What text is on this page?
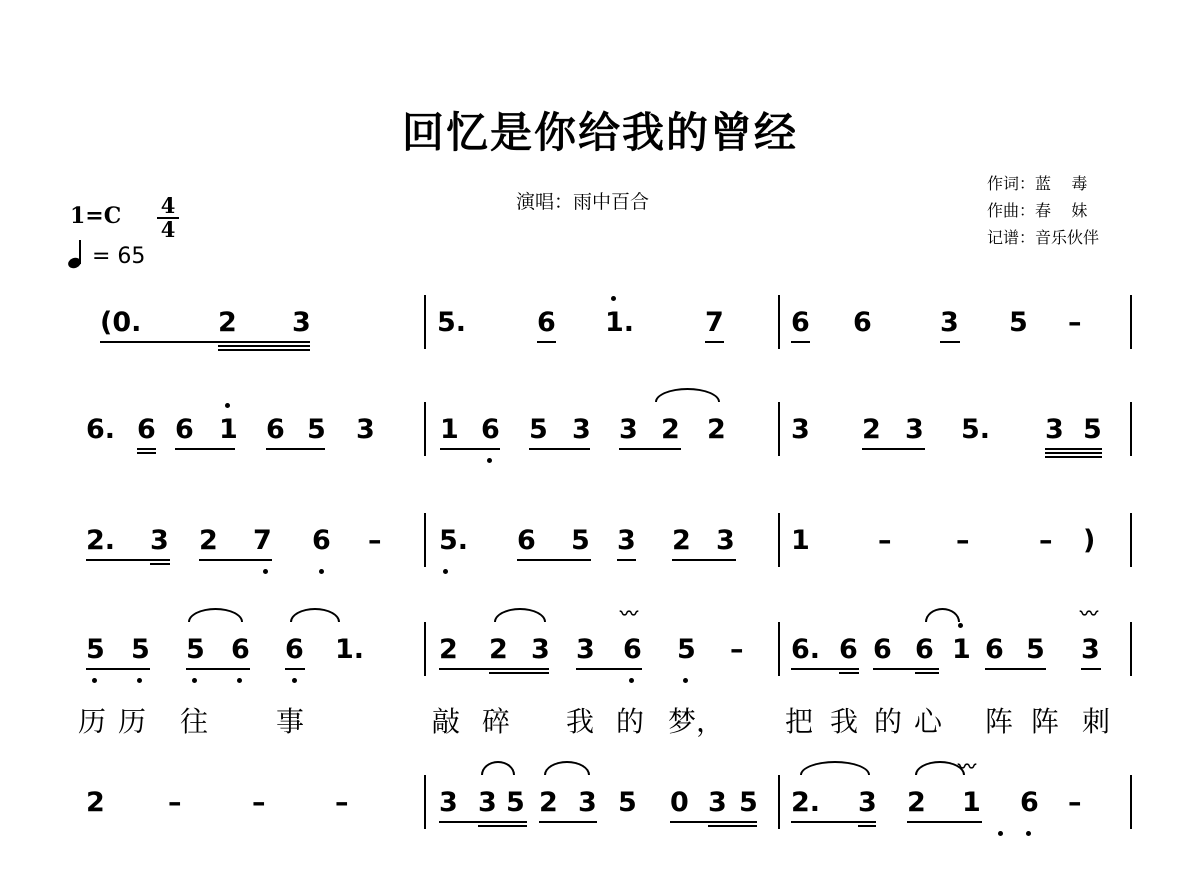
回忆是你给我的曾经
演唱：雨中百合
作词：蓝    毒
作曲：春    妹
记谱：音乐伙伴
1=C 4
4
= 65
(0.	2 3	5.	6 1.	7 6 6	3 5 –
6. 6 6 1 6 5 3 1 6 5 3 3 2 2 3 2 3 5. 3 5
2. 3 2 7 6 – 5. 6 5 3 2 3 1	– –	– )
5 5 5 6 6 1.	2 2 3 3 6 5 – 6. 6 6 6 1 6 5 3
〰	〰
2 –	–	–	3 3 5 2 3 5 0 3 5 2. 3 2 1 6 –
〰
历 历 往 事	敲 碎 我 的 梦， 把 我 的 心 阵 阵 刺
